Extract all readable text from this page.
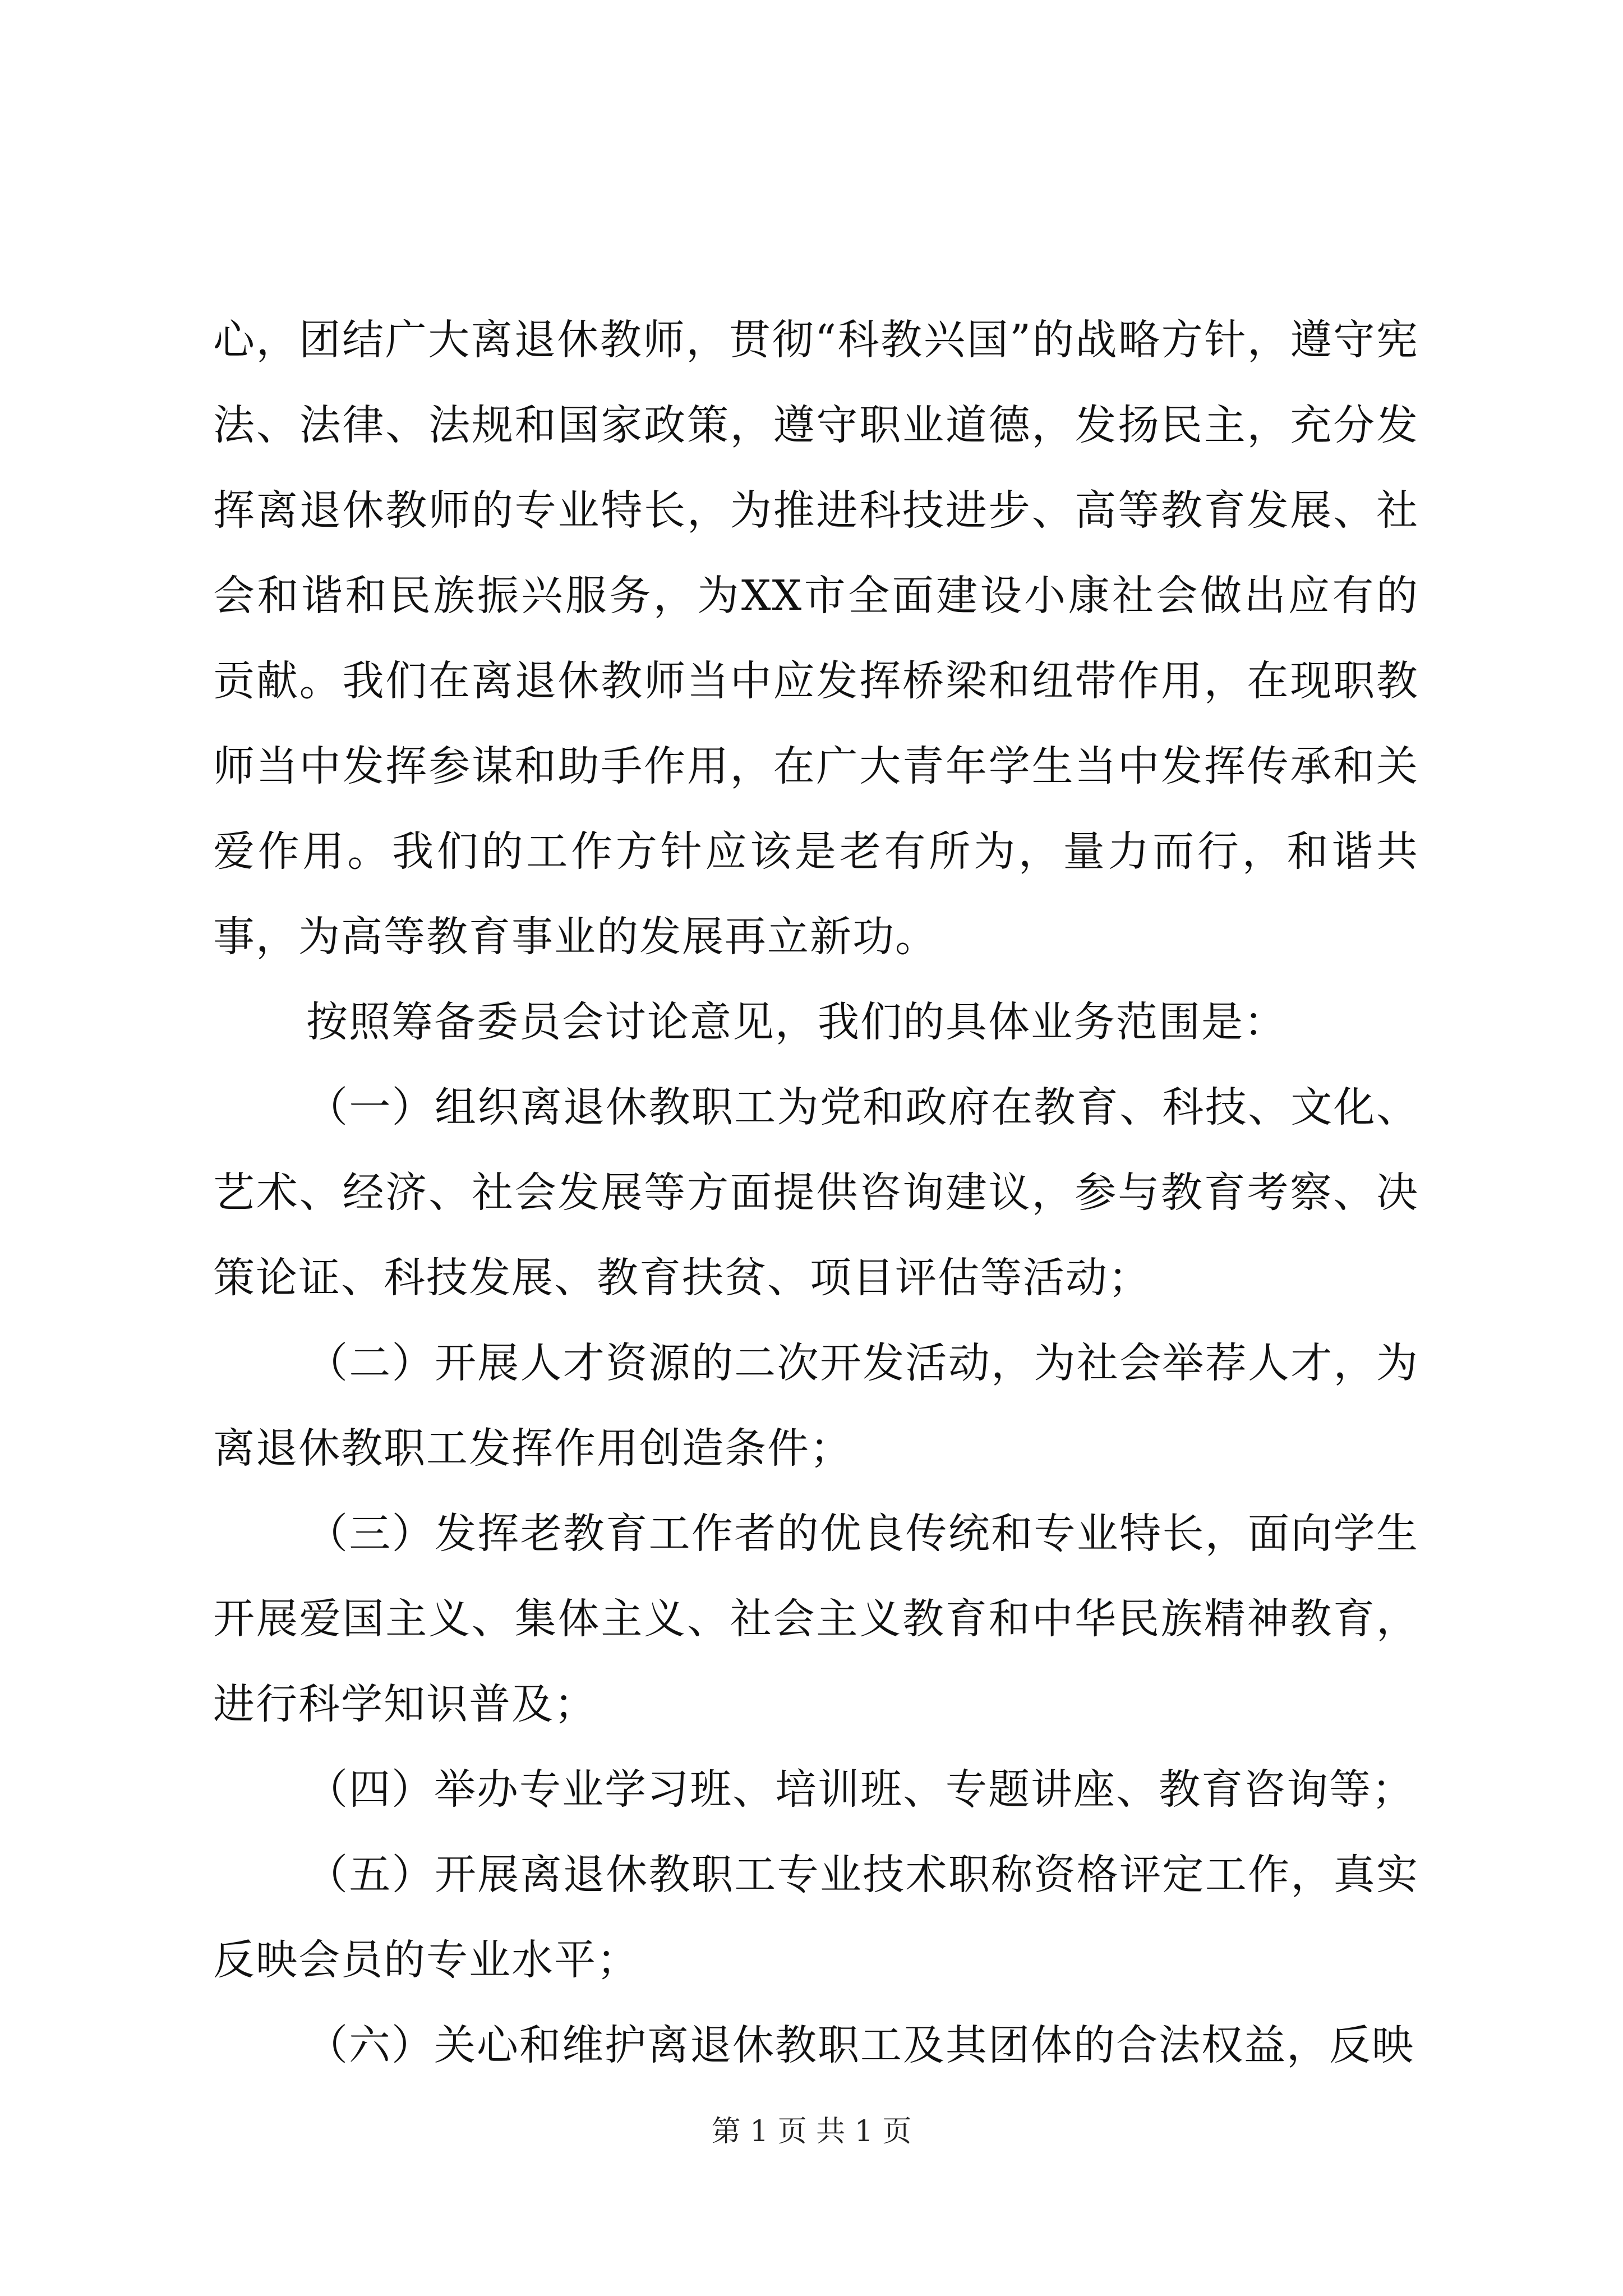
心，团结广大离退休教师，贯彻“科教兴国”的战略方针，遵守宪法、法律、法规和国家政策，遵守职业道德，发扬民主，充分发挥离退休教师的专业特长，为推进科技进步、高等教育发展、社会和谐和民族振兴服务，为XX市全面建设小康社会做出应有的贡献。我们在离退休教师当中应发挥桥梁和纽带作用，在现职教师当中发挥参谋和助手作用，在广大青年学生当中发挥传承和关爱作用。我们的工作方针应该是老有所为，量力而行，和谐共事，为高等教育事业的发展再立新功。

按照筹备委员会讨论意见，我们的具体业务范围是：

（一）组织离退休教职工为党和政府在教育、科技、文化、艺术、经济、社会发展等方面提供咨询建议，参与教育考察、决策论证、科技发展、教育扶贫、项目评估等活动；

（二）开展人才资源的二次开发活动，为社会举荐人才，为离退休教职工发挥作用创造条件；

（三）发挥老教育工作者的优良传统和专业特长，面向学生开展爱国主义、集体主义、社会主义教育和中华民族精神教育，进行科学知识普及；

（四）举办专业学习班、培训班、专题讲座、教育咨询等；

（五）开展离退休教职工专业技术职称资格评定工作，真实反映会员的专业水平；

（六）关心和维护离退休教职工及其团体的合法权益，反映

第 1 页 共 1 页
